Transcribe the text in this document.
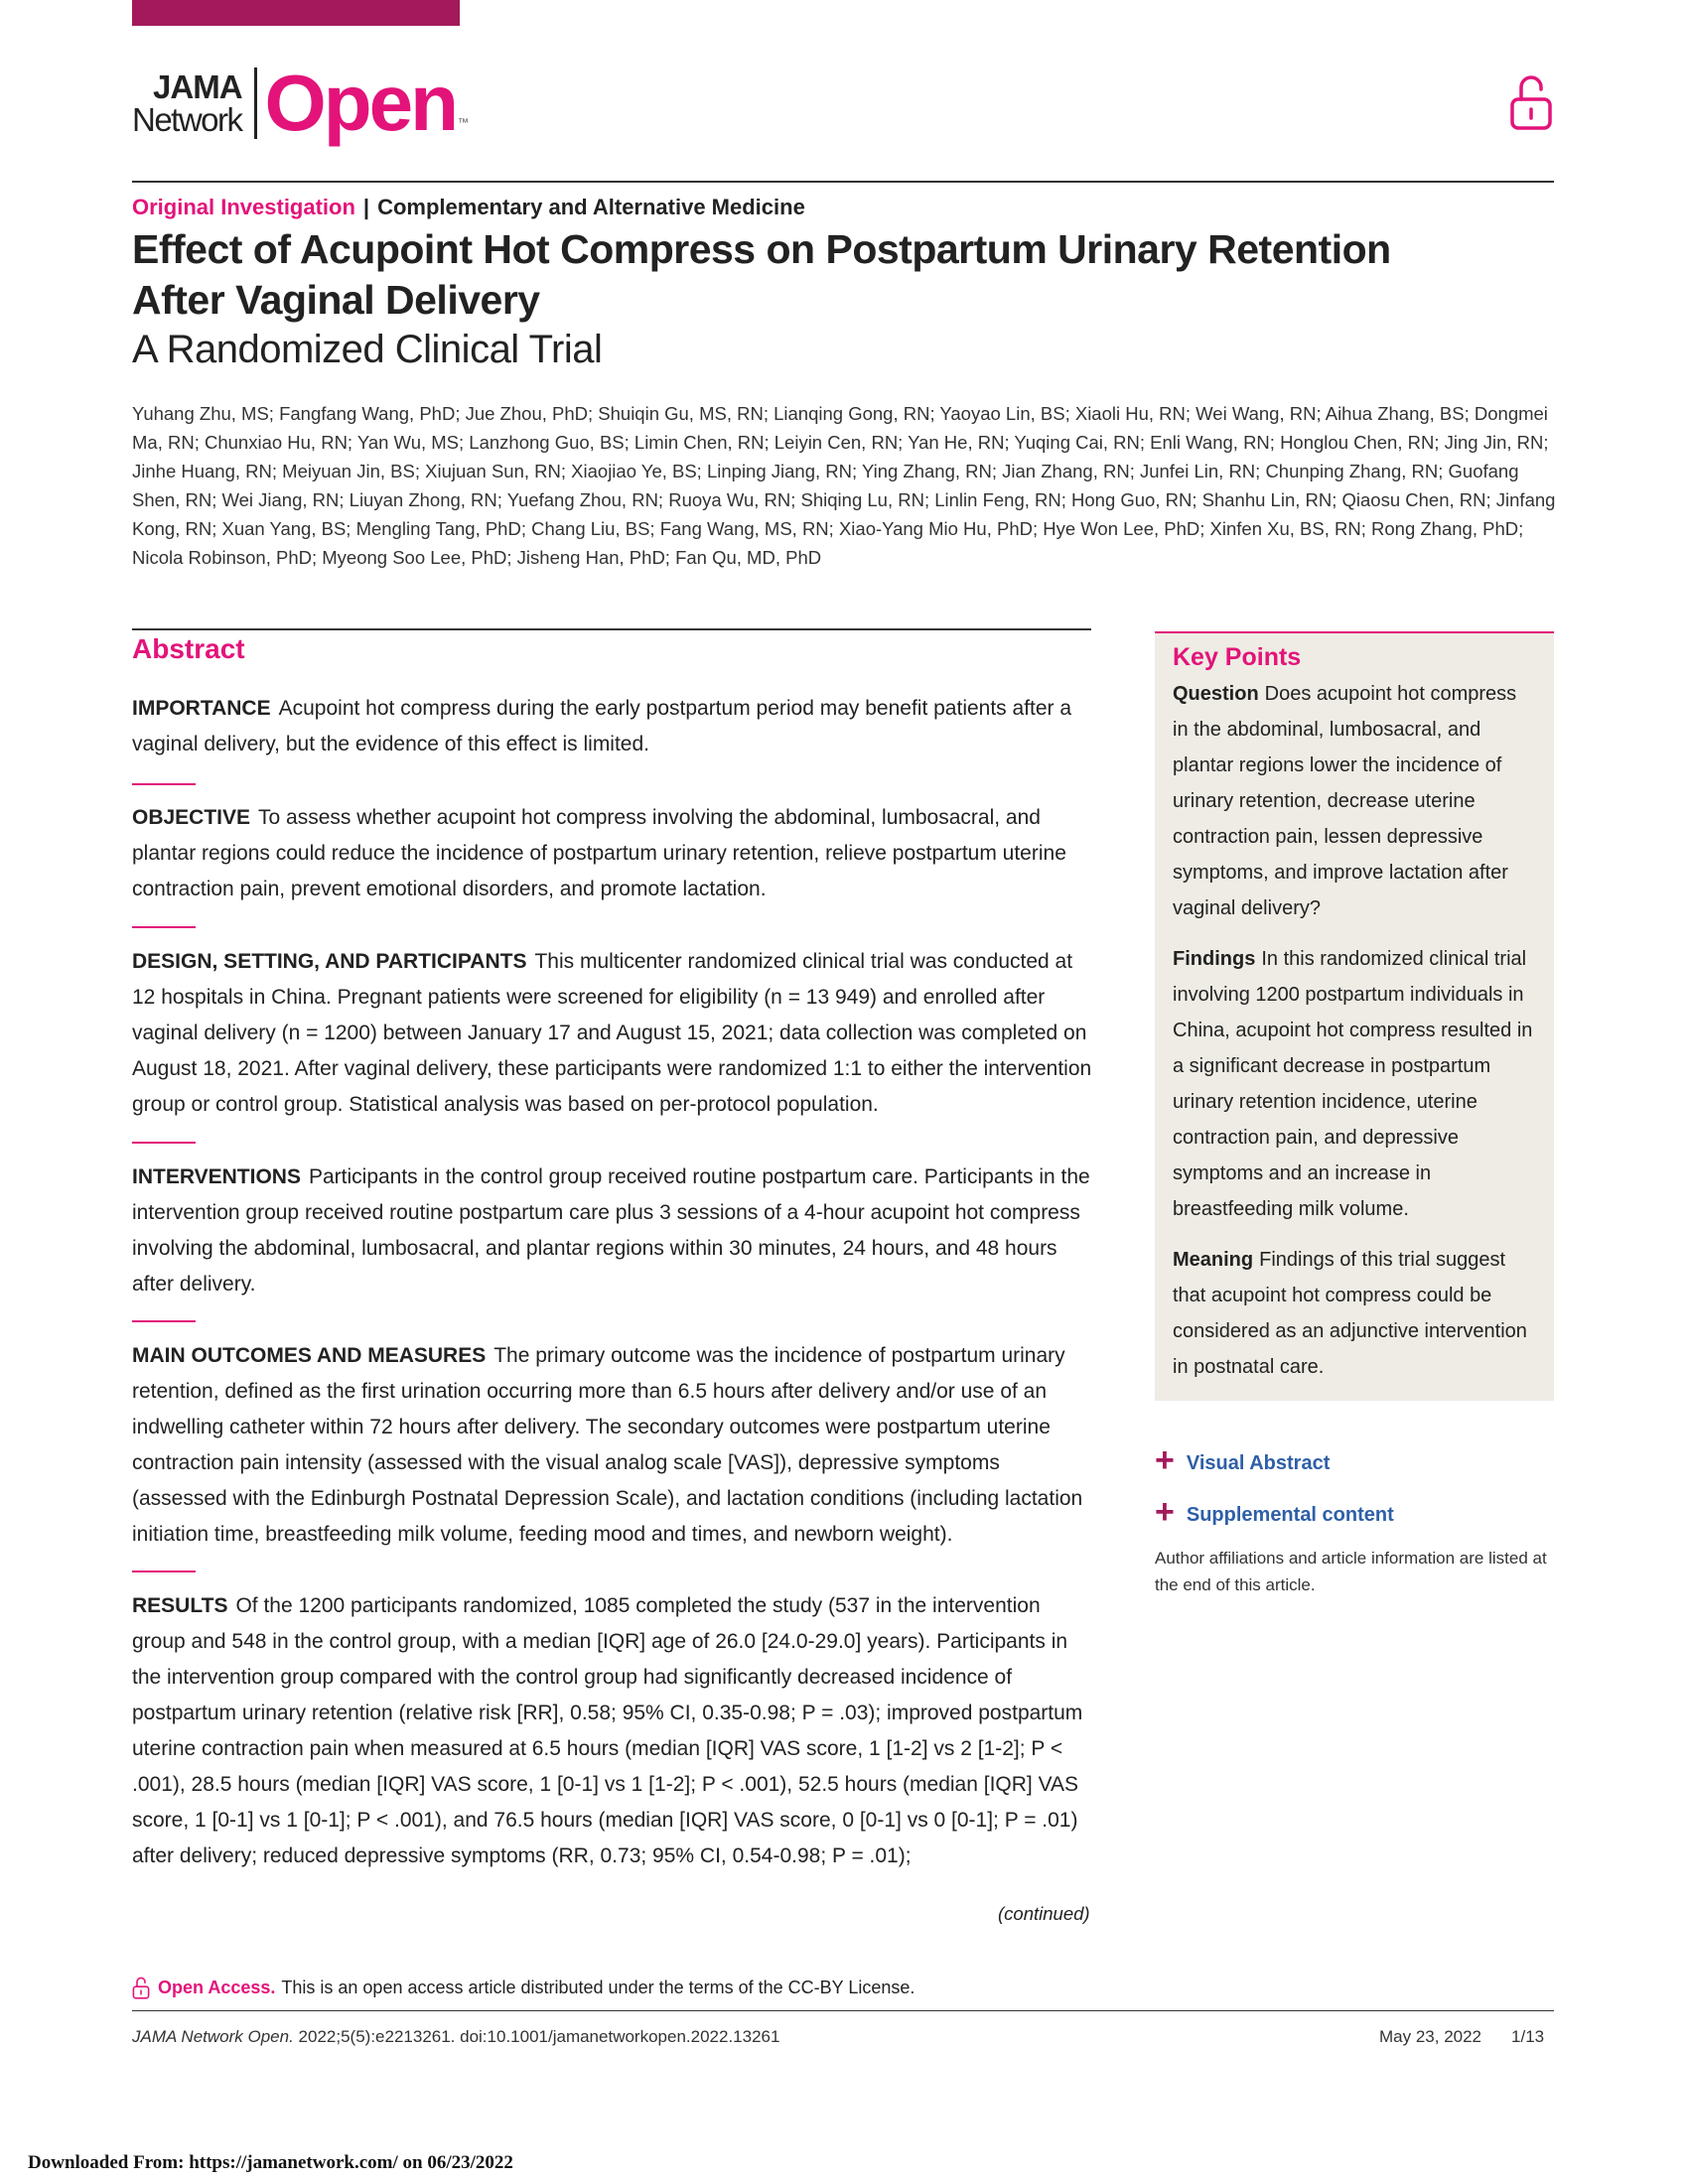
JAMA
Network Open ™
Original Investigation | Complementary and Alternative Medicine
Effect of Acupoint Hot Compress on Postpartum Urinary Retention After Vaginal Delivery
A Randomized Clinical Trial
Yuhang Zhu, MS; Fangfang Wang, PhD; Jue Zhou, PhD; Shuiqin Gu, MS, RN; Lianqing Gong, RN; Yaoyao Lin, BS; Xiaoli Hu, RN; Wei Wang, RN; Aihua Zhang, BS; Dongmei Ma, RN; Chunxiao Hu, RN; Yan Wu, MS; Lanzhong Guo, BS; Limin Chen, RN; Leiyin Cen, RN; Yan He, RN; Yuqing Cai, RN; Enli Wang, RN; Honglou Chen, RN; Jing Jin, RN; Jinhe Huang, RN; Meiyuan Jin, BS; Xiujuan Sun, RN; Xiaojiao Ye, BS; Linping Jiang, RN; Ying Zhang, RN; Jian Zhang, RN; Junfei Lin, RN; Chunping Zhang, RN; Guofang Shen, RN; Wei Jiang, RN; Liuyan Zhong, RN; Yuefang Zhou, RN; Ruoya Wu, RN; Shiqing Lu, RN; Linlin Feng, RN; Hong Guo, RN; Shanhu Lin, RN; Qiaosu Chen, RN; Jinfang Kong, RN; Xuan Yang, BS; Mengling Tang, PhD; Chang Liu, BS; Fang Wang, MS, RN; Xiao-Yang Mio Hu, PhD; Hye Won Lee, PhD; Xinfen Xu, BS, RN; Rong Zhang, PhD; Nicola Robinson, PhD; Myeong Soo Lee, PhD; Jisheng Han, PhD; Fan Qu, MD, PhD
Abstract
IMPORTANCE Acupoint hot compress during the early postpartum period may benefit patients after a vaginal delivery, but the evidence of this effect is limited.
OBJECTIVE To assess whether acupoint hot compress involving the abdominal, lumbosacral, and plantar regions could reduce the incidence of postpartum urinary retention, relieve postpartum uterine contraction pain, prevent emotional disorders, and promote lactation.
DESIGN, SETTING, AND PARTICIPANTS This multicenter randomized clinical trial was conducted at 12 hospitals in China. Pregnant patients were screened for eligibility (n = 13 949) and enrolled after vaginal delivery (n = 1200) between January 17 and August 15, 2021; data collection was completed on August 18, 2021. After vaginal delivery, these participants were randomized 1:1 to either the intervention group or control group. Statistical analysis was based on per-protocol population.
INTERVENTIONS Participants in the control group received routine postpartum care. Participants in the intervention group received routine postpartum care plus 3 sessions of a 4-hour acupoint hot compress involving the abdominal, lumbosacral, and plantar regions within 30 minutes, 24 hours, and 48 hours after delivery.
MAIN OUTCOMES AND MEASURES The primary outcome was the incidence of postpartum urinary retention, defined as the first urination occurring more than 6.5 hours after delivery and/or use of an indwelling catheter within 72 hours after delivery. The secondary outcomes were postpartum uterine contraction pain intensity (assessed with the visual analog scale [VAS]), depressive symptoms (assessed with the Edinburgh Postnatal Depression Scale), and lactation conditions (including lactation initiation time, breastfeeding milk volume, feeding mood and times, and newborn weight).
RESULTS Of the 1200 participants randomized, 1085 completed the study (537 in the intervention group and 548 in the control group, with a median [IQR] age of 26.0 [24.0-29.0] years). Participants in the intervention group compared with the control group had significantly decreased incidence of postpartum urinary retention (relative risk [RR], 0.58; 95% CI, 0.35-0.98; P = .03); improved postpartum uterine contraction pain when measured at 6.5 hours (median [IQR] VAS score, 1 [1-2] vs 2 [1-2]; P < .001), 28.5 hours (median [IQR] VAS score, 1 [0-1] vs 1 [1-2]; P < .001), 52.5 hours (median [IQR] VAS score, 1 [0-1] vs 1 [0-1]; P < .001), and 76.5 hours (median [IQR] VAS score, 0 [0-1] vs 0 [0-1]; P = .01) after delivery; reduced depressive symptoms (RR, 0.73; 95% CI, 0.54-0.98; P = .01);
(continued)
Key Points
Question Does acupoint hot compress in the abdominal, lumbosacral, and plantar regions lower the incidence of urinary retention, decrease uterine contraction pain, lessen depressive symptoms, and improve lactation after vaginal delivery?
Findings In this randomized clinical trial involving 1200 postpartum individuals in China, acupoint hot compress resulted in a significant decrease in postpartum urinary retention incidence, uterine contraction pain, and depressive symptoms and an increase in breastfeeding milk volume.
Meaning Findings of this trial suggest that acupoint hot compress could be considered as an adjunctive intervention in postnatal care.
+ Visual Abstract
+ Supplemental content
Author affiliations and article information are listed at the end of this article.
Open Access. This is an open access article distributed under the terms of the CC-BY License.
JAMA Network Open. 2022;5(5):e2213261. doi:10.1001/jamanetworkopen.2022.13261	May 23, 2022 1/13
Downloaded From: https://jamanetwork.com/ on 06/23/2022
